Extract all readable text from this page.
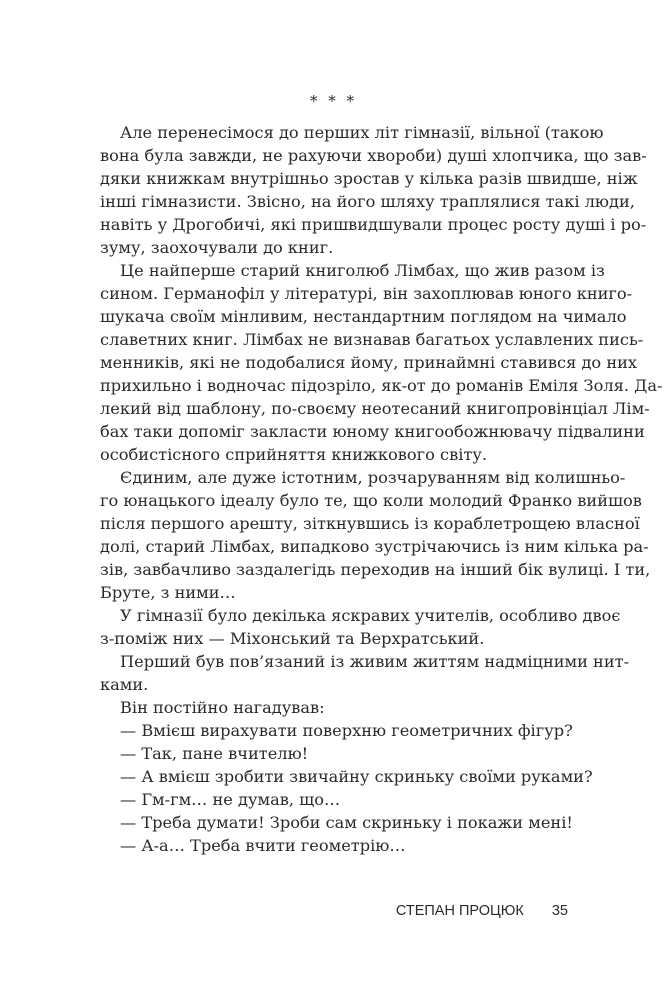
* * *
Але перенесімося до перших літ гімназії, вільної (такою
вона була завжди, не рахуючи хвороби) душі хлопчика, що зав-
дяки книжкам внутрішньо зростав у кілька разів швидше, ніж
інші гімназисти. Звісно, на його шляху траплялися такі люди,
навіть у Дрогобичі, які пришвидшували процес росту душі і ро-
зуму, заохочували до книг.
Це найперше старий книголюб Лімбах, що жив разом із
сином. Германофіл у літературі, він захоплював юного книго-
шукача своїм мінливим, нестандартним поглядом на чимало
славетних книг. Лімбах не визнавав багатьох уславлених пись-
менників, які не подобалися йому, принаймні ставився до них
прихильно і водночас підозріло, як-от до романів Еміля Золя. Да-
лекий від шаблону, по-своєму неотесаний книгопровінціал Лім-
бах таки допоміг закласти юному книгообожнювачу підвалини
особистісного сприйняття книжкового світу.
Єдиним, але дуже істотним, розчаруванням від колишньо-
го юнацького ідеалу було те, що коли молодий Франко вийшов
після першого арешту, зіткнувшись із кораблетрощею власної
долі, старий Лімбах, випадково зустрічаючись із ним кілька ра-
зів, завбачливо заздалегідь переходив на інший бік вулиці. І ти,
Бруте, з ними…
У гімназії було декілька яскравих учителів, особливо двоє
з-поміж них — Міхонський та Верхратський.
Перший був пов’язаний із живим життям надміцними нит-
ками.
Він постійно нагадував:
— Вмієш вирахувати поверхню геометричних фігур?
— Так, пане вчителю!
— А вмієш зробити звичайну скриньку своїми руками?
— Гм-гм… не думав, що…
— Треба думати! Зроби сам скриньку і покажи мені!
— А-а… Треба вчити геометрію…
СТЕПАН ПРОЦЮК 35
